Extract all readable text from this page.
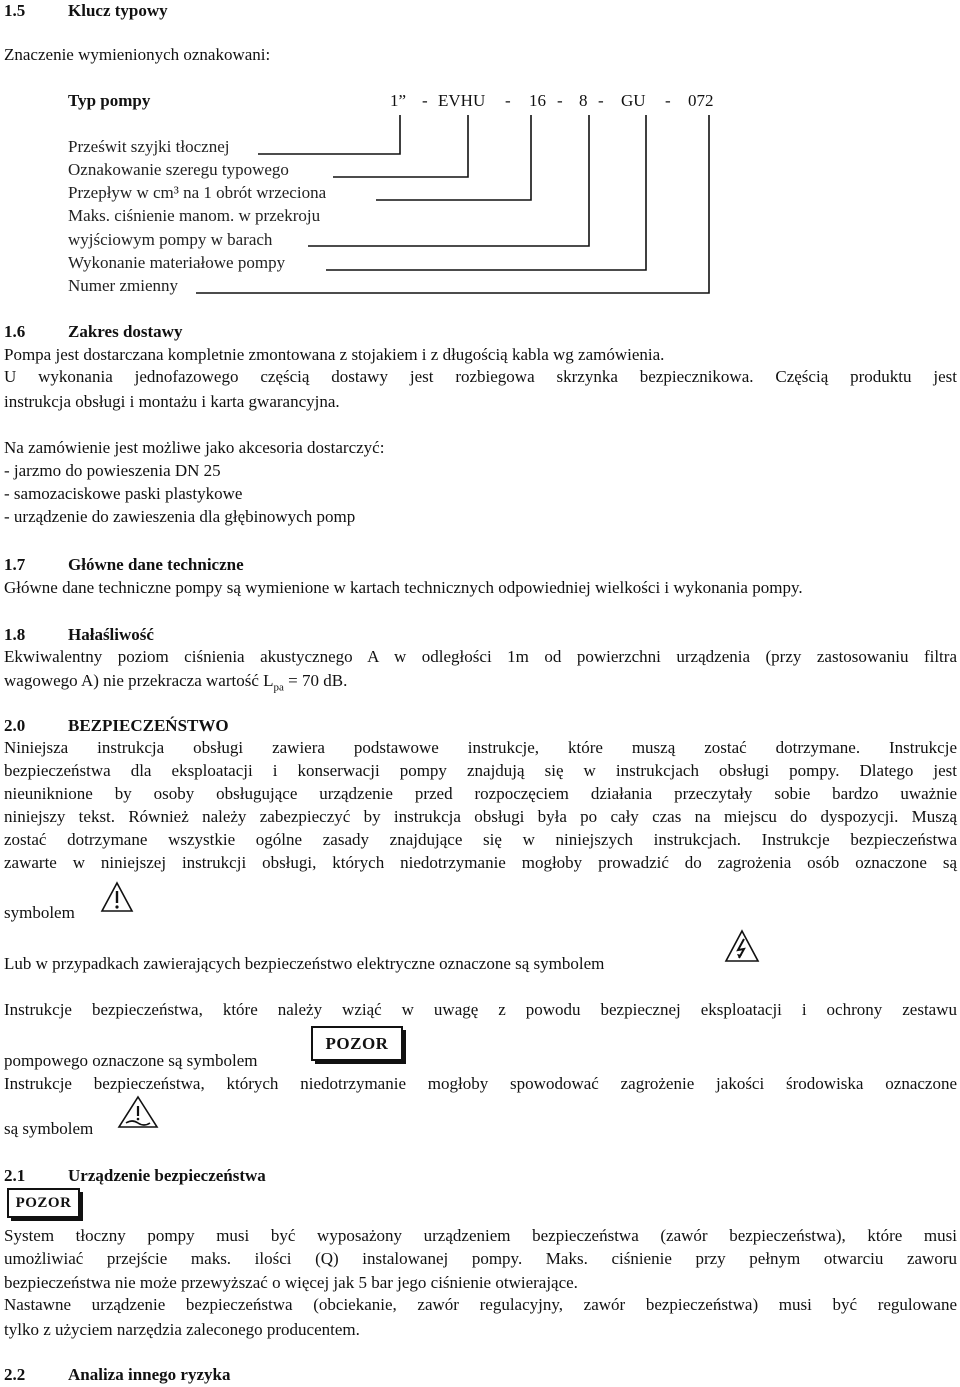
1.5	Klucz typowy
Znaczenie wymienionych oznakowani:
Typ pompy	1” - EVHU - 16 - 8 - GU - 072
Prześwit szyjki tłocznej
Oznakowanie szeregu typowego
Przepływ w cm³ na 1 obrót wrzeciona
Maks. ciśnienie manom. w przekroju
wyjściowym pompy w barach
Wykonanie materiałowe pompy
Numer zmienny
1.6	Zakres dostawy
Pompa jest dostarczana kompletnie zmontowana z stojakiem i z długością kabla wg zamówienia.
U wykonania jednofazowego częścią dostawy jest rozbiegowa skrzynka bezpiecznikowa. Częścią produktu jest
instrukcja obsługi i montażu i karta gwarancyjna.
Na zamówienie jest możliwe jako akcesoria dostarczyć:
- jarzmo do powieszenia DN 25
- samozaciskowe paski plastykowe
- urządzenie do zawieszenia dla głębinowych pomp
1.7	Główne dane techniczne
Główne dane techniczne pompy są wymienione w kartach technicznych odpowiedniej wielkości i wykonania pompy.
1.8	Hałaśliwość
Ekwiwalentny poziom ciśnienia akustycznego A w odległości 1m od powierzchni urządzenia (przy zastosowaniu filtra
wagowego A) nie przekracza wartość $L_{pa} = 70$ dB.
2.0	BEZPIECZEŃSTWO
Niniejsza instrukcja obsługi zawiera podstawowe instrukcje, które muszą zostać dotrzymane. Instrukcje
bezpieczeństwa dla eksploatacji i konserwacji pompy znajdują się w instrukcjach obsługi pompy. Dlatego jest
nieuniknione by osoby obsługujące urządzenie przed rozpoczęciem działania przeczytały sobie bardzo uważnie
niniejszy tekst. Również należy zabezpieczyć by instrukcja obsługi była po cały czas na miejscu do dyspozycji. Muszą
zostać dotrzymane wszystkie ogólne zasady znajdujące się w niniejszych instrukcjach. Instrukcje bezpieczeństwa
zawarte w niniejszej instrukcji obsługi, których niedotrzymanie mogłoby prowadzić do zagrożenia osób oznaczone są
symbolem
Lub w przypadkach zawierających bezpieczeństwo elektryczne oznaczone są symbolem
Instrukcje bezpieczeństwa, które należy wziąć w uwagę z powodu bezpiecznej eksploatacji i ochrony zestawu
pompowego oznaczone są symbolem
POZOR
Instrukcje bezpieczeństwa, których niedotrzymanie mogłoby spowodować zagrożenie jakości środowiska oznaczone
są symbolem
2.1	Urządzenie bezpieczeństwa
POZOR
System tłoczny pompy musi być wyposażony urządzeniem bezpieczeństwa (zawór bezpieczeństwa), które musi
umożliwiać przejście maks. ilości (Q) instalowanej pompy. Maks. ciśnienie przy pełnym otwarciu zaworu
bezpieczeństwa nie może przewyższać o więcej jak 5 bar jego ciśnienie otwierające.
Nastawne urządzenie bezpieczeństwa (obciekanie, zawór regulacyjny, zawór bezpieczeństwa) musi być regulowane
tylko z użyciem narzędzia zaleconego producentem.
2.2	Analiza innego ryzyka
